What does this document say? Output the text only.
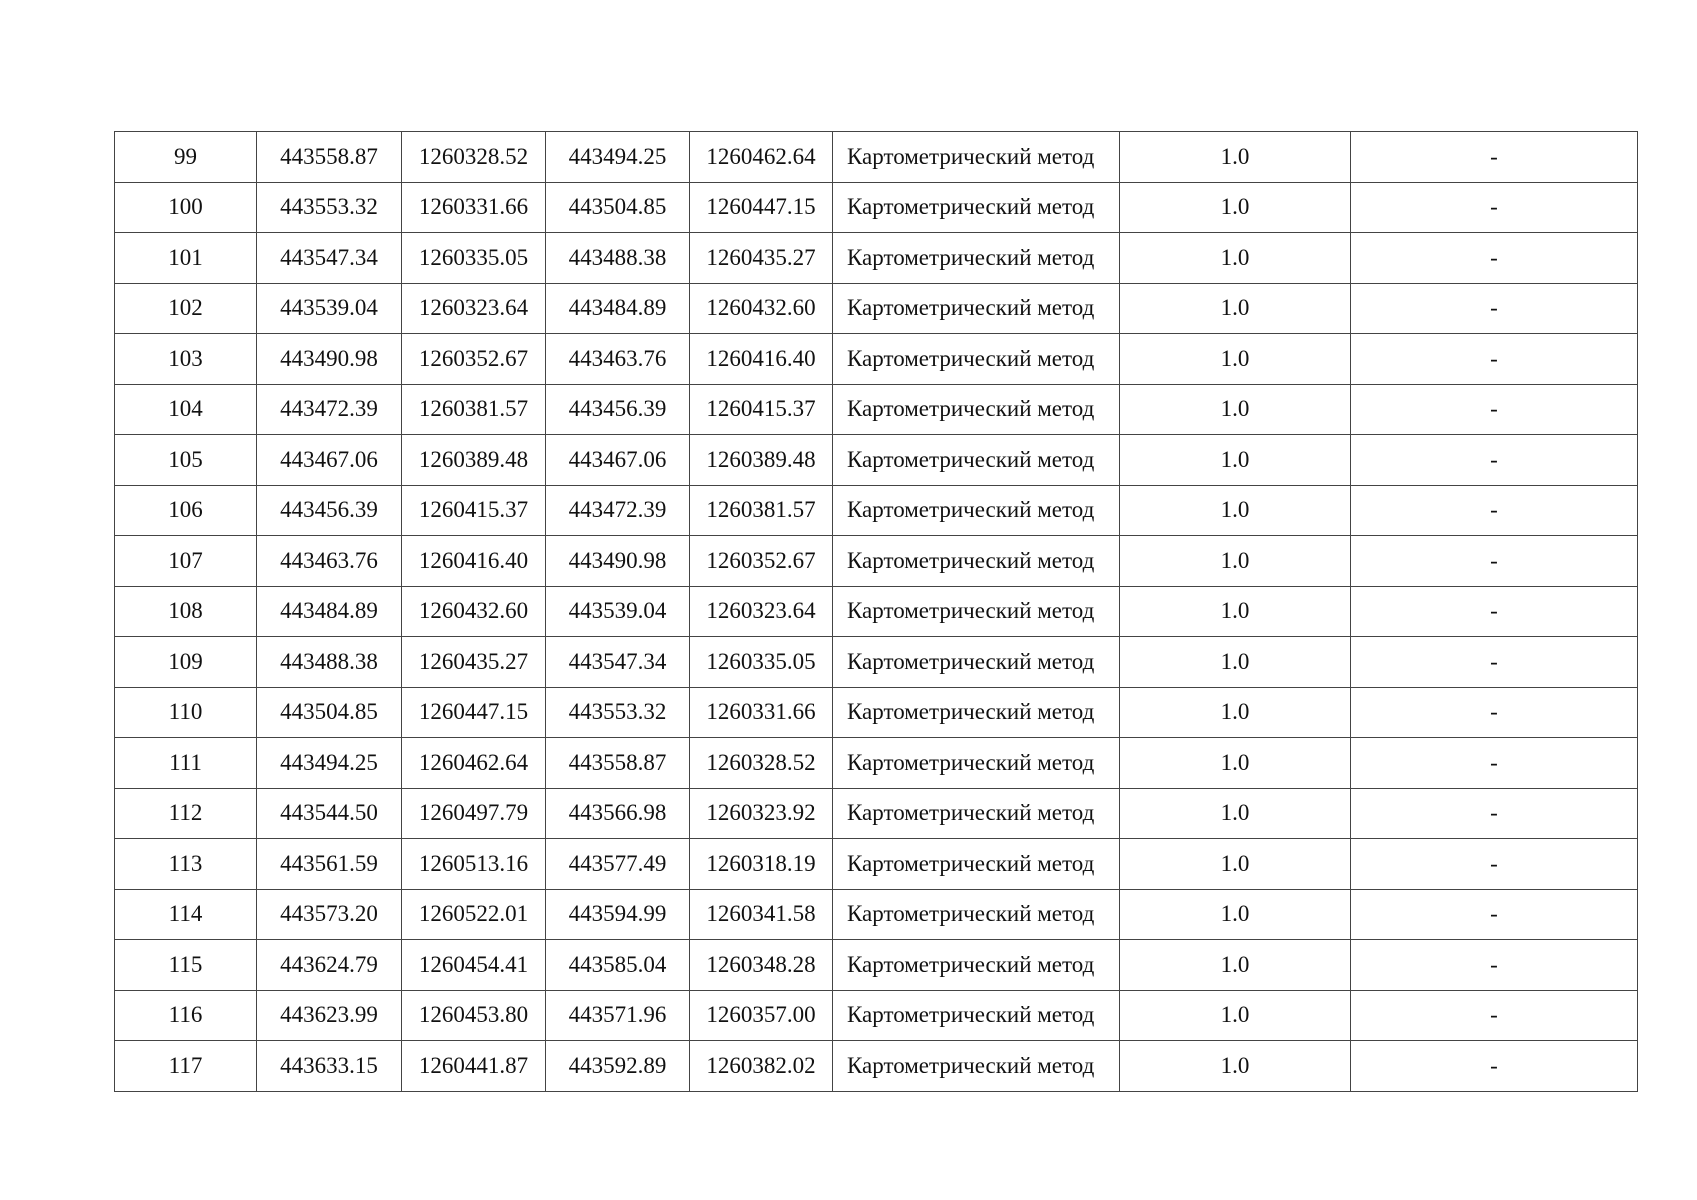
99	443558.87	1260328.52	443494.25	1260462.64	Картометрический метод	1.0	-
100	443553.32	1260331.66	443504.85	1260447.15	Картометрический метод	1.0	-
101	443547.34	1260335.05	443488.38	1260435.27	Картометрический метод	1.0	-
102	443539.04	1260323.64	443484.89	1260432.60	Картометрический метод	1.0	-
103	443490.98	1260352.67	443463.76	1260416.40	Картометрический метод	1.0	-
104	443472.39	1260381.57	443456.39	1260415.37	Картометрический метод	1.0	-
105	443467.06	1260389.48	443467.06	1260389.48	Картометрический метод	1.0	-
106	443456.39	1260415.37	443472.39	1260381.57	Картометрический метод	1.0	-
107	443463.76	1260416.40	443490.98	1260352.67	Картометрический метод	1.0	-
108	443484.89	1260432.60	443539.04	1260323.64	Картометрический метод	1.0	-
109	443488.38	1260435.27	443547.34	1260335.05	Картометрический метод	1.0	-
110	443504.85	1260447.15	443553.32	1260331.66	Картометрический метод	1.0	-
111	443494.25	1260462.64	443558.87	1260328.52	Картометрический метод	1.0	-
112	443544.50	1260497.79	443566.98	1260323.92	Картометрический метод	1.0	-
113	443561.59	1260513.16	443577.49	1260318.19	Картометрический метод	1.0	-
114	443573.20	1260522.01	443594.99	1260341.58	Картометрический метод	1.0	-
115	443624.79	1260454.41	443585.04	1260348.28	Картометрический метод	1.0	-
116	443623.99	1260453.80	443571.96	1260357.00	Картометрический метод	1.0	-
117	443633.15	1260441.87	443592.89	1260382.02	Картометрический метод	1.0	-
